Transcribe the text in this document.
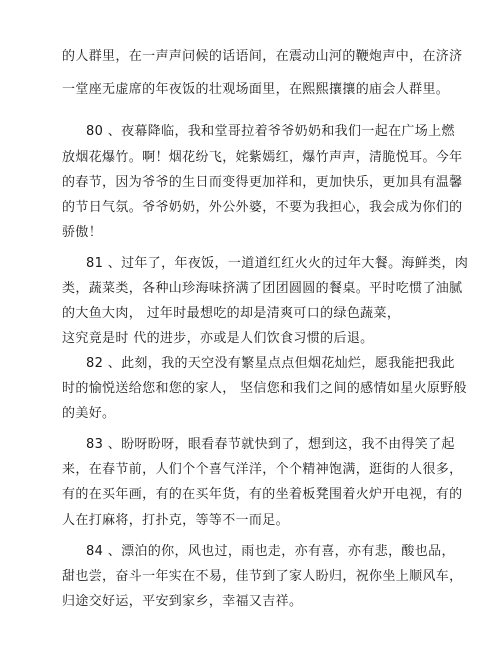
的人群里，在一声声问候的话语间，在震动山河的鞭炮声中，在济济
一堂座无虚席的年夜饭的壮观场面里，在熙熙攘攘的庙会人群里。
80 、夜幕降临，我和堂哥拉着爷爷奶奶和我们一起在广场上燃
放烟花爆竹。啊！烟花纷飞，姹紫嫣红，爆竹声声，清脆悦耳。今年
的春节，因为爷爷的生日而变得更加祥和，更加快乐，更加具有温馨
的节日气氛。爷爷奶奶，外公外婆，不要为我担心，我会成为你们的
骄傲！
81 、过年了，年夜饭，一道道红红火火的过年大餐。海鲜类，肉
类，蔬菜类，各种山珍海味挤满了团团圆圆的餐桌。平时吃惯了油腻
的大鱼大肉， 过年时最想吃的却是清爽可口的绿色蔬菜，
这究竟是时 代的进步，亦或是人们饮食习惯的后退。
82 、此刻，我的天空没有繁星点点但烟花灿烂，愿我能把我此
时的愉悦送给您和您的家人， 坚信您和我们之间的感情如星火原野般
的美好。
83 、盼呀盼呀，眼看春节就快到了，想到这，我不由得笑了起
来，在春节前，人们个个喜气洋洋，个个精神饱满，逛街的人很多，
有的在买年画，有的在买年货，有的坐着板凳围着火炉开电视，有的
人在打麻将，打扑克，等等不一而足。
84 、漂泊的你，风也过，雨也走，亦有喜，亦有悲，酸也品，
甜也尝，奋斗一年实在不易，佳节到了家人盼归，祝你坐上顺风车，
归途交好运，平安到家乡，幸福又吉祥。
